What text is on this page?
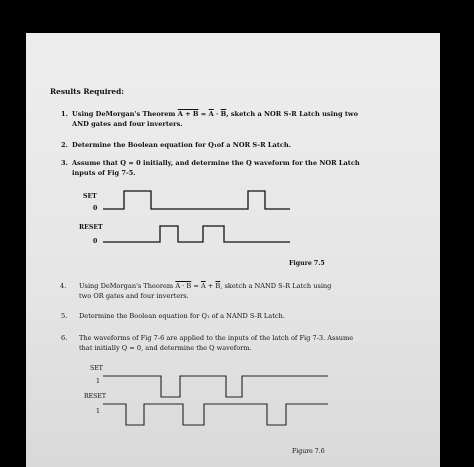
Results Required:
1. Using DeMorgan's Theorem $A + B = \overline{A} \cdot \overline{B}$, sketch a NOR S-R Latch using two
AND gates and four inverters.
2. Determine the Boolean equation for Q₁of a NOR S-R Latch.
3. Assume that Q = 0 initially, and determine the Q waveform for the NOR Latch
inputs of Fig 7-5.
SET
0
RESET
0
Figure 7.5
4. Using DeMorgan's Theorem $A \cdot B = \overline{A} + \overline{B}$, sketch a NAND S-R Latch using
two OR gates and four inverters.
5. Determine the Boolean equation for Q₁ of a NAND S-R Latch.
6. The waveforms of Fig 7-6 are applied to the inputs of the latch of Fig 7-3. Assume
that initially Q = 0, and determine the Q waveform.
SET
1
RESET
1
Figure 7.6
